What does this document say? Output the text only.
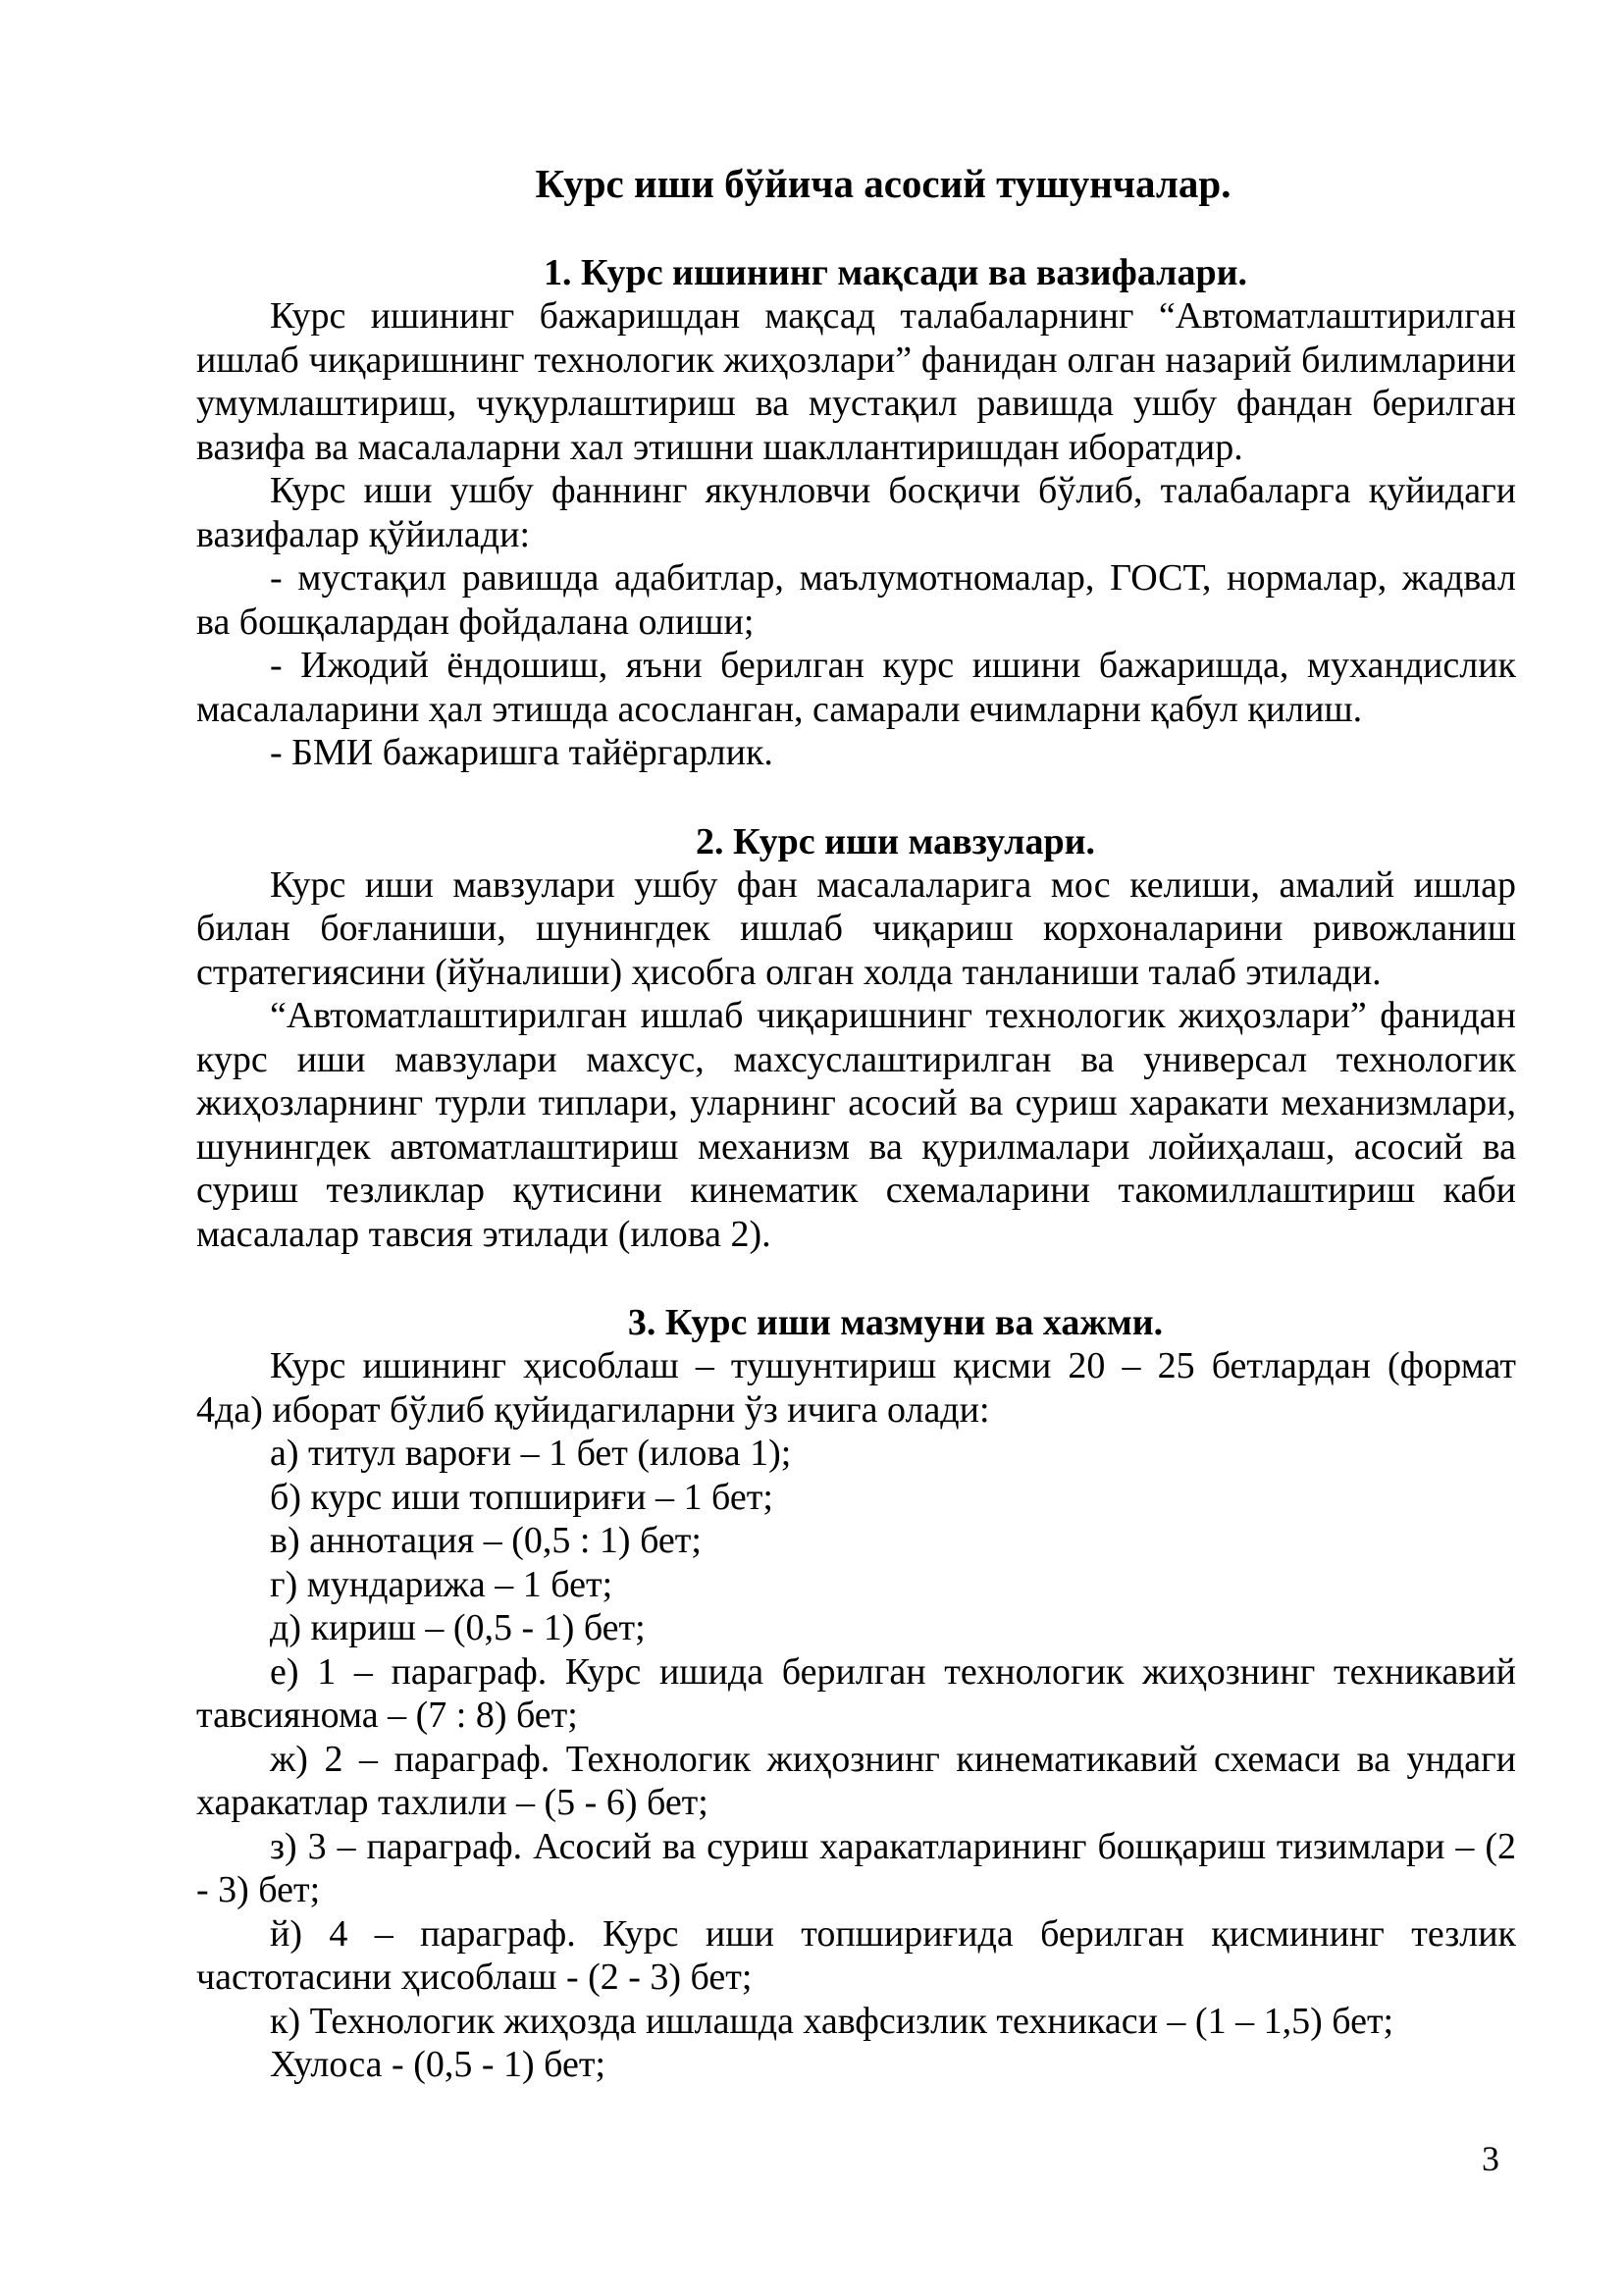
Курс иши бўйича асосий тушунчалар.
1. Курс ишининг мақсади ва вазифалари.

Курс ишининг бажаришдан мақсад талабаларнинг “Автоматлаштирилган ишлаб чиқаришнинг технологик жиҳозлари” фанидан олган назарий билимларини умумлаштириш, чуқурлаштириш ва мустақил равишда ушбу фандан берилган вазифа ва масалаларни хал этишни шакллантиришдан иборатдир.

Курс иши ушбу фаннинг якунловчи босқичи бўлиб, талабаларга қуйидаги вазифалар қўйилади:

- мустақил равишда адабитлар, маълумотномалар, ГОСТ, нормалар, жадвал ва бошқалардан фойдалана олиши;

- Ижодий ёндошиш, яъни берилган курс ишини бажаришда, мухандислик масалаларини ҳал этишда асосланган, самарали ечимларни қабул қилиш.

- БМИ бажаришга тайёргарлик.

2. Курс иши мавзулари.

Курс иши мавзулари ушбу фан масалаларига мос келиши, амалий ишлар билан боғланиши, шунингдек ишлаб чиқариш корхоналарини ривожланиш стратегиясини (йўналиши) ҳисобга олган холда танланиши талаб этилади.

“Автоматлаштирилган ишлаб чиқаришнинг технологик жиҳозлари” фанидан курс иши мавзулари махсус, махсуслаштирилган ва универсал технологик жиҳозларнинг турли типлари, уларнинг асосий ва суриш харакати механизмлари, шунингдек автоматлаштириш механизм ва қурилмалари лойиҳалаш, асосий ва суриш тезликлар қутисини кинематик схемаларини такомиллаштириш каби масалалар тавсия этилади (илова 2).

3. Курс иши мазмуни ва хажми.

Курс ишининг ҳисоблаш – тушунтириш қисми 20 – 25 бетлардан (формат 4да) иборат бўлиб қуйидагиларни ўз ичига олади:

а) титул вароғи – 1 бет (илова 1);

б) курс иши топшириғи – 1 бет;

в) аннотация – (0,5 : 1) бет;

г) мундарижа – 1 бет;

д) кириш – (0,5 - 1) бет;

е) 1 – параграф. Курс ишида берилган технологик жиҳознинг техникавий тавсиянома – (7 : 8) бет;

ж) 2 – параграф. Технологик жиҳознинг кинематикавий схемаси ва ундаги харакатлар тахлили – (5 - 6) бет;

з) 3 – параграф. Асосий ва суриш харакатларининг бошқариш тизимлари – (2 - 3) бет;

й) 4 – параграф. Курс иши топшириғида берилган қисмининг тезлик частотасини ҳисоблаш - (2 - 3) бет;

к) Технологик жиҳозда ишлашда хавфсизлик техникаси – (1 – 1,5) бет;

Хулоса - (0,5 - 1) бет;

3
